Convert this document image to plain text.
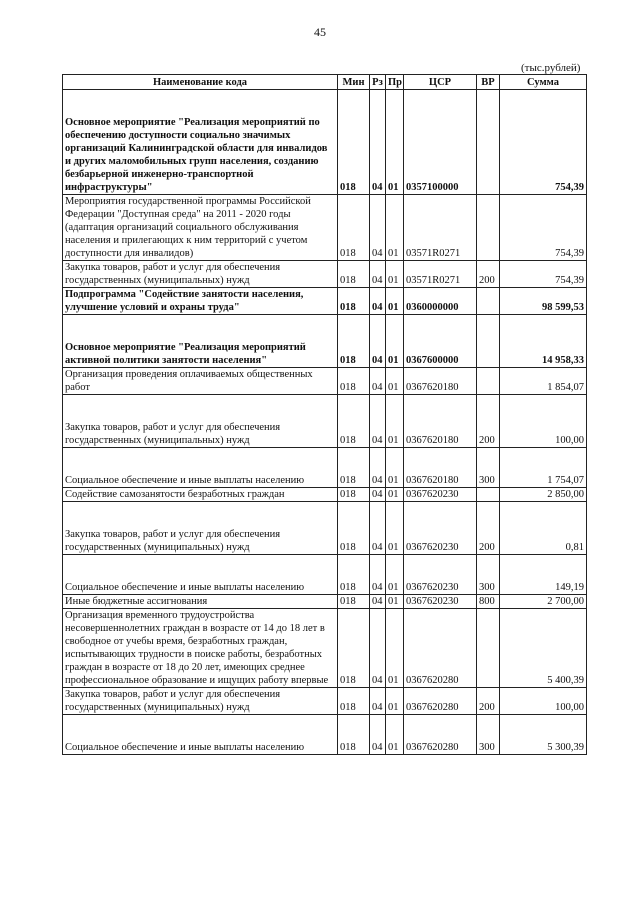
45
(тыс.рублей)
Наименование кода	Мин	Рз	Пр	ЦСР	ВР	Сумма
Основное мероприятие "Реализация мероприятий по обеспечению доступности социально значимых организаций Калининградской области для инвалидов и других маломобильных групп населения, созданию безбарьерной инженерно-транспортной инфраструктуры"	018	04	01	0357100000		754,39
Мероприятия государственной программы Российской Федерации "Доступная среда" на 2011 - 2020 годы (адаптация организаций социального обслуживания населения и прилегающих к ним территорий с учетом доступности для инвалидов)	018	04	01	03571R0271		754,39
Закупка товаров, работ и услуг для обеспечения государственных (муниципальных) нужд	018	04	01	03571R0271	200	754,39
Подпрограмма "Содействие занятости населения, улучшение условий и охраны труда"	018	04	01	0360000000		98 599,53
Основное мероприятие "Реализация мероприятий активной политики занятости населения"	018	04	01	0367600000		14 958,33
Организация проведения оплачиваемых общественных работ	018	04	01	0367620180		1 854,07
Закупка товаров, работ и услуг для обеспечения государственных (муниципальных) нужд	018	04	01	0367620180	200	100,00
Социальное обеспечение и иные выплаты населению	018	04	01	0367620180	300	1 754,07
Содействие самозанятости безработных граждан	018	04	01	0367620230		2 850,00
Закупка товаров, работ и услуг для обеспечения государственных (муниципальных) нужд	018	04	01	0367620230	200	0,81
Социальное обеспечение и иные выплаты населению	018	04	01	0367620230	300	149,19
Иные бюджетные ассигнования	018	04	01	0367620230	800	2 700,00
Организация временного трудоустройства несовершеннолетних граждан в возрасте от 14 до 18 лет в свободное от учебы время, безработных граждан, испытывающих трудности в поиске работы, безработных граждан в возрасте от 18 до 20 лет, имеющих среднее профессиональное образование и ищущих работу впервые	018	04	01	0367620280		5 400,39
Закупка товаров, работ и услуг для обеспечения государственных (муниципальных) нужд	018	04	01	0367620280	200	100,00
Социальное обеспечение и иные выплаты населению	018	04	01	0367620280	300	5 300,39
